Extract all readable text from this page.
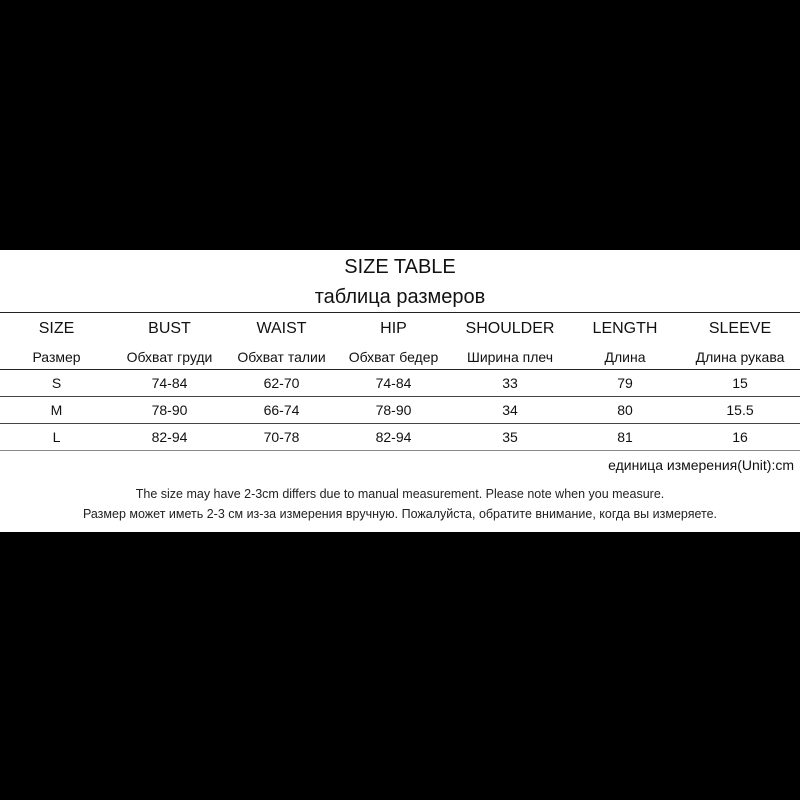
SIZE TABLE
таблица размеров
SIZE	BUST	WAIST	HIP	SHOULDER	LENGTH	SLEEVE
Размер	Обхват груди	Обхват талии	Обхват бедер	Ширина плеч	Длина	Длина рукава
S	74-84	62-70	74-84	33	79	15
M	78-90	66-74	78-90	34	80	15.5
L	82-94	70-78	82-94	35	81	16
единица измерения(Unit):cm
The size may have 2-3cm differs due to manual measurement. Please note when you measure.
Размер может иметь 2-3 см из-за измерения вручную. Пожалуйста, обратите внимание, когда вы измеряете.
